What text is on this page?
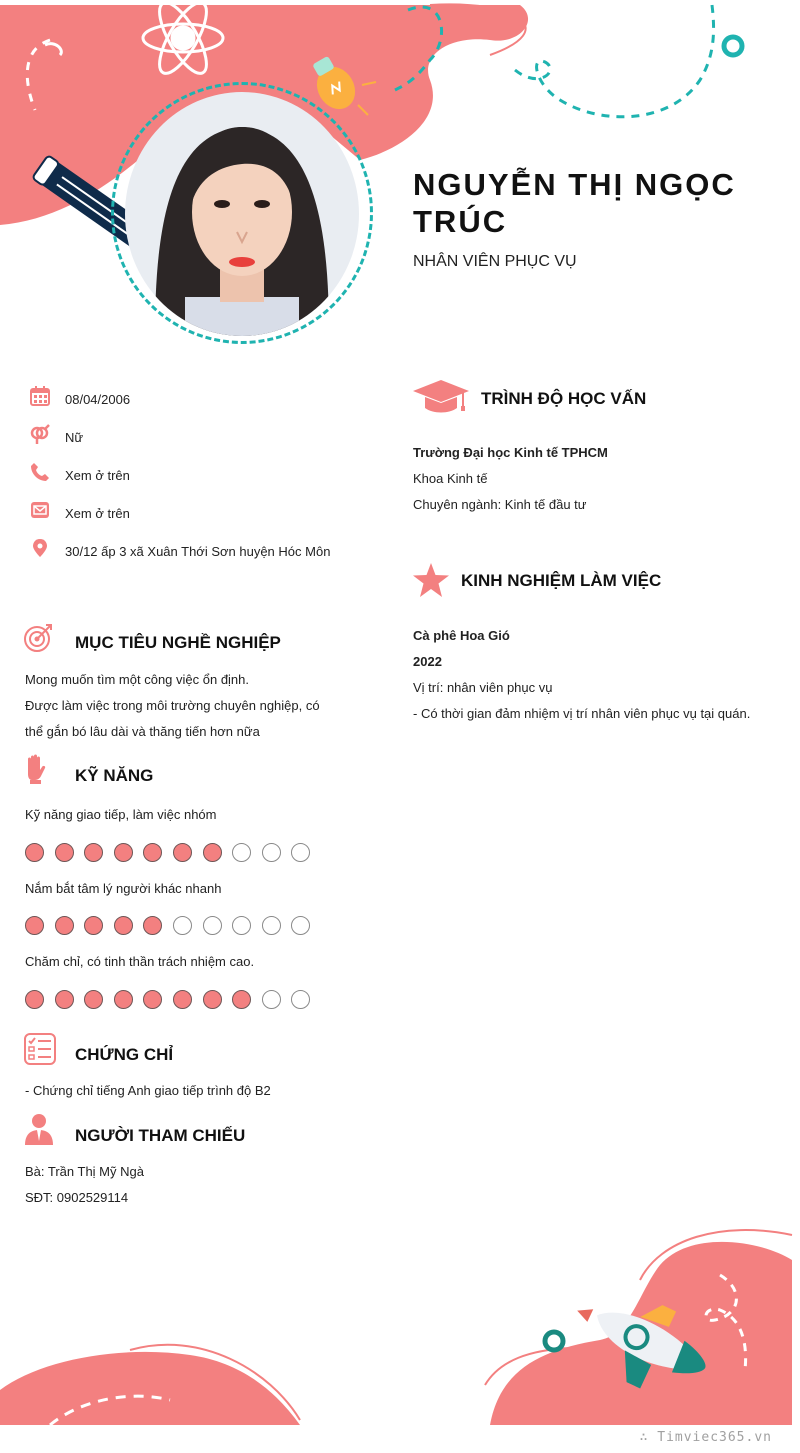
NGUYỄN THỊ NGỌC TRÚC
NHÂN VIÊN PHỤC VỤ
08/04/2006
Nữ
Xem ở trên
Xem ở trên
30/12 ấp 3 xã Xuân Thới Sơn huyện Hóc Môn
MỤC TIÊU NGHỀ NGHIỆP
Mong muốn tìm một công việc ổn định.
Được làm việc trong môi trường chuyên nghiệp, có thể gắn bó lâu dài và thăng tiến hơn nữa
KỸ NĂNG
Kỹ năng giao tiếp, làm việc nhóm
Nắm bắt tâm lý người khác nhanh
Chăm chỉ, có tinh thần trách nhiệm cao.
CHỨNG CHỈ
- Chứng chỉ tiếng Anh giao tiếp trình độ B2
NGƯỜI THAM CHIẾU
Bà: Trần Thị Mỹ Ngà
SĐT: 0902529114
TRÌNH ĐỘ HỌC VẤN
Trường Đại học Kinh tế TPHCM
Khoa Kinh tế
Chuyên ngành: Kinh tế đầu tư
KINH NGHIỆM LÀM VIỆC
Cà phê Hoa Gió
2022
Vị trí: nhân viên phục vụ
- Có thời gian đảm nhiệm vị trí nhân viên phục vụ tại quán.
∴ Timviec365.vn
